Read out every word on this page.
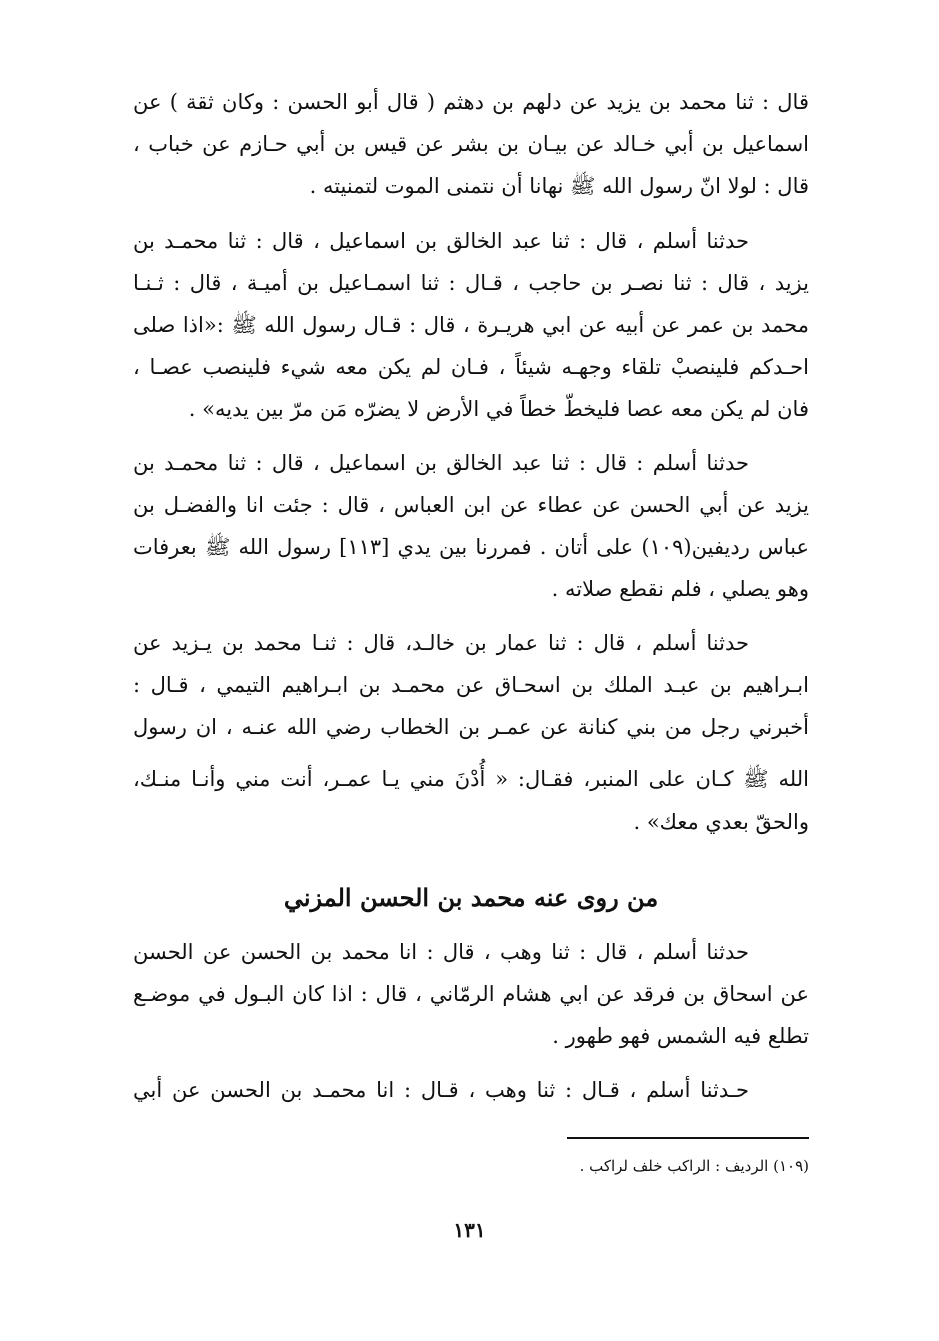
قال : ثنا محمد بن يزيد عن دلهم بن دهثم ( قال أبو الحسن : وكان ثقة ) عن
اسماعيل بن أبي خـالد عن بيـان بن بشر عن قيس بن أبي حـازم عن خباب ،
قال : لولا انّ رسول الله ﷺ نهانا أن نتمنى الموت لتمنيته .
حدثنا أسلم ، قال : ثنا عبد الخالق بن اسماعيل ، قال : ثنا محمـد بن
يزيد ، قال : ثنا نصـر بن حاجب ، قـال : ثنا اسمـاعيل بن أميـة ، قال : ثـنـا
محمد بن عمر عن أبيه عن ابي هريـرة ، قال : قـال رسول الله ﷺ :«اذا صلى
احـدكم فلينصبْ تلقاء وجهـه شيئاً ، فـان لم يكن معه شيء فلينصب عصـا ،
فان لم يكن معه عصا فليخطّ خطاً في الأرض لا يضرّه مَن مرّ بين يديه» .
حدثنا أسلم : قال : ثنا عبد الخالق بن اسماعيل ، قال : ثنا محمـد بن
يزيد عن أبي الحسن عن عطاء عن ابن العباس ، قال : جئت انا والفضـل بن
عباس رديفين(١٠٩) على أتان . فمررنا بين يدي [١١٣] رسول الله ﷺ بعرفات
وهو يصلي ، فلم نقطع صلاته .
حدثنا أسلم ، قال : ثنا عمار بن خالـد، قال : ثنـا محمد بن يـزيد عن
ابـراهيم بن عبـد الملك بن اسحـاق عن محمـد بن ابـراهيم التيمي ، قـال :
أخبرني رجل من بني كنانة عن عمـر بن الخطاب رضي الله عنـه ، ان رسول
الله ﷺ كـان على المنبر، فقـال: « أُدْنَ مني يـا عمـر، أنت مني وأنـا منـك،
والحقّ بعدي معك» .
من روى عنه محمد بن الحسن المزني
حدثنا أسلم ، قال : ثنا وهب ، قال : انا محمد بن الحسن عن الحسن
عن اسحاق بن فرقد عن ابي هشام الرمّاني ، قال : اذا كان البـول في موضـع
تطلع فيه الشمس فهو طهور .
حـدثنا أسلم ، قـال : ثنا وهب ، قـال : انا محمـد بن الحسن عن أبي
(١٠٩) الرديف : الراكب خلف لراكب .
١٣١
